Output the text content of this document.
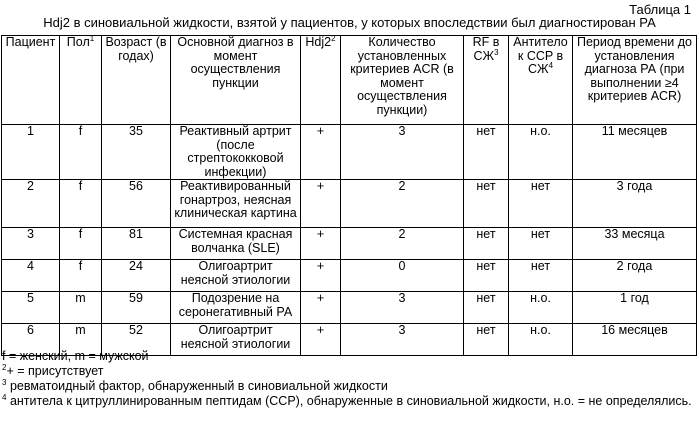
Таблица 1
Hdj2 в синовиальной жидкости, взятой у пациентов, у которых впоследствии был диагностирован РА
Пациент	Пол$^1$	Возраст (в годах)	Основной диагноз в момент осуществления пункции	$Hdj2^2$	Количество установленных критериев ACR (в момент осуществления пункции)	RF в $СЖ^3$	Антитело к CCP в $СЖ^4$	Период времени до установления диагноза РА (при выполнении ≥4 критериев ACR)
1	f	35	Реактивный артрит (после стрептококковой инфекции)	+	3	нет	н.о.	11 месяцев
2	f	56	Реактивированный гонартроз, неясная клиническая картина	+	2	нет	нет	3 года
3	f	81	Системная красная волчанка (SLE)	+	2	нет	нет	33 месяца
4	f	24	Олигоартрит неясной этиологии	+	0	нет	нет	2 года
5	m	59	Подозрение на серонегативный РА	+	3	нет	н.о.	1 год
6	m	52	Олигоартрит неясной этиологии	+	3	нет	н.о.	16 месяцев

f = женский, m = мужской

$^2$+ = присутствует

$^3$ ревматоидный фактор, обнаруженный в синовиальной жидкости

$^4$ антитела к цитруллинированным пептидам (CCP), обнаруженные в синовиальной жидкости, н.о. = не определялись.
